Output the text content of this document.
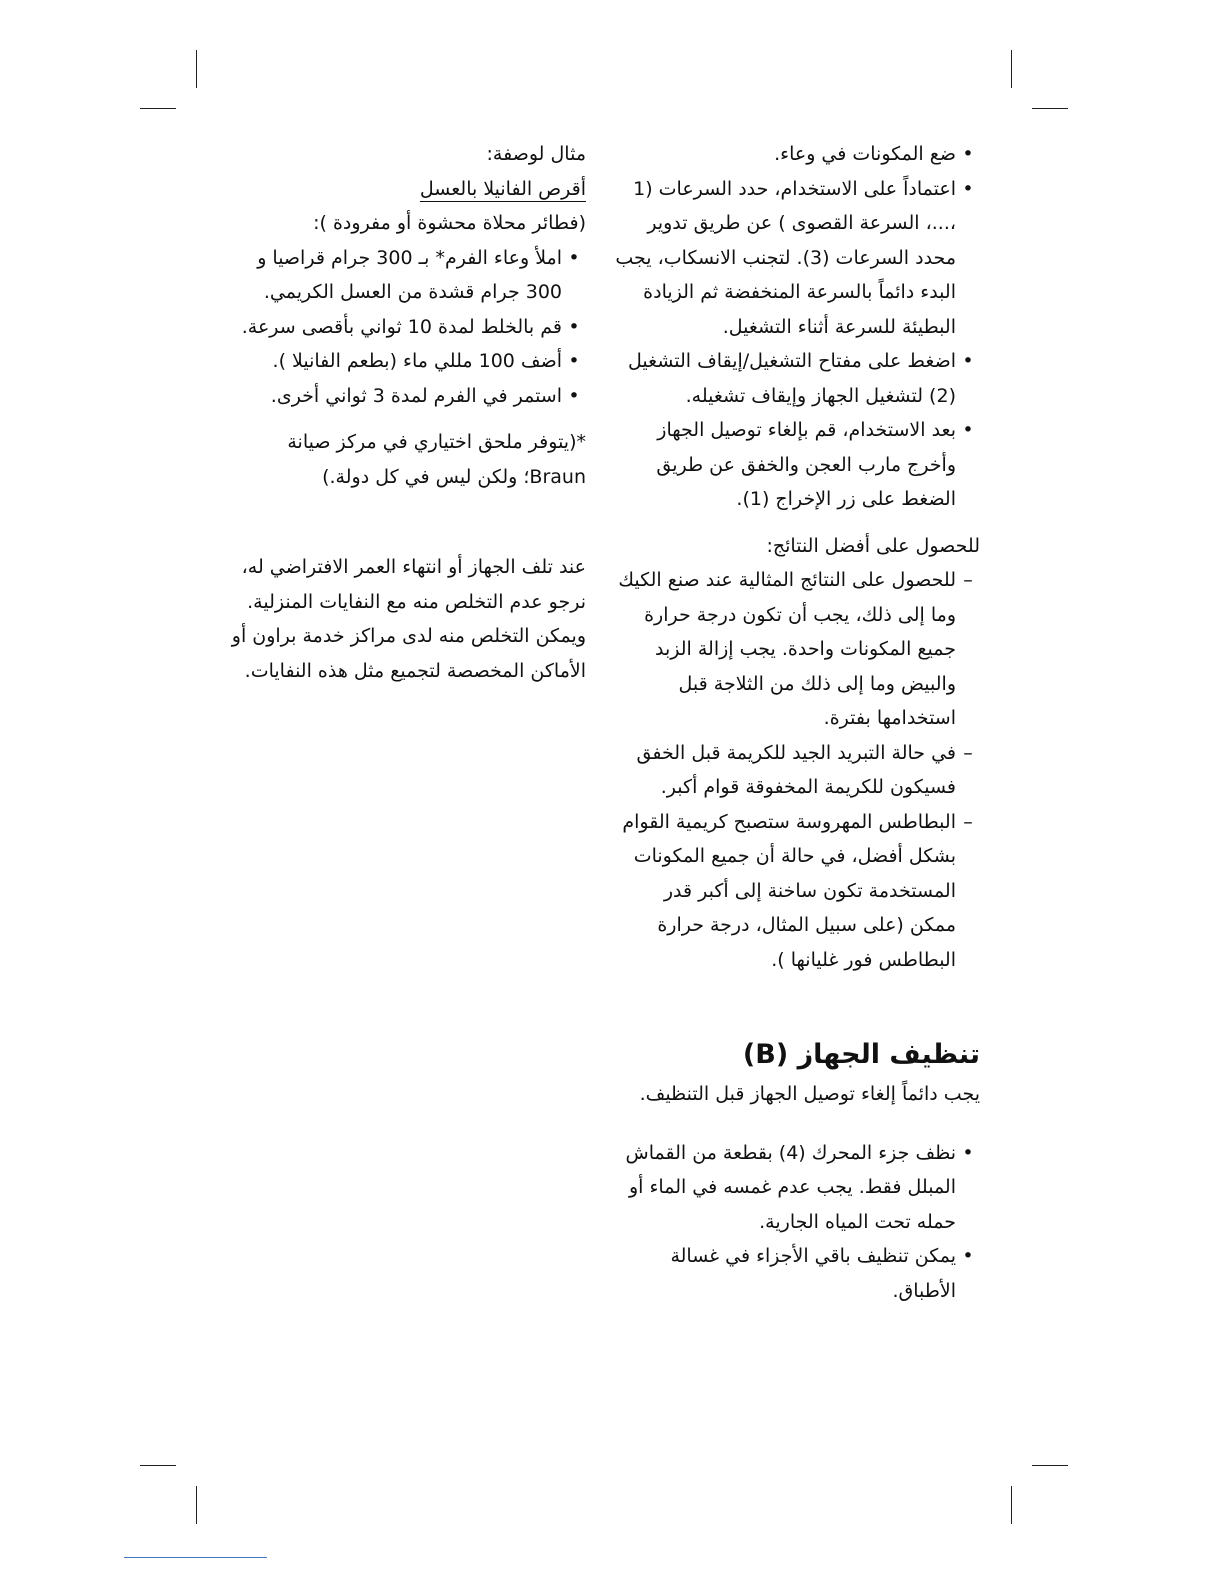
• ضع المكونات في وعاء.
• اعتماداً على الاستخدام، حدد السرعات (1 ،...، السرعة القصوى ) عن طريق تدوير محدد السرعات (3). لتجنب الانسكاب، يجب البدء دائماً بالسرعة المنخفضة ثم الزيادة البطيئة للسرعة أثناء التشغيل.
• اضغط على مفتاح التشغيل/إيقاف التشغيل (2) لتشغيل الجهاز وإيقاف تشغيله.
• بعد الاستخدام، قم بإلغاء توصيل الجهاز وأخرج مارب العجن والخفق عن طريق الضغط على زر الإخراج (1).

للحصول على أفضل النتائج:

– للحصول على النتائج المثالية عند صنع الكيك وما إلى ذلك، يجب أن تكون درجة حرارة جميع المكونات واحدة. يجب إزالة الزبد والبيض وما إلى ذلك من الثلاجة قبل استخدامها بفترة.
– في حالة التبريد الجيد للكريمة قبل الخفق فسيكون للكريمة المخفوقة قوام أكبر.
– البطاطس المهروسة ستصبح كريمية القوام بشكل أفضل، في حالة أن جميع المكونات المستخدمة تكون ساخنة إلى أكبر قدر ممكن (على سبيل المثال، درجة حرارة البطاطس فور غليانها ).
تنظيف الجهاز (B)

يجب دائماً إلغاء توصيل الجهاز قبل التنظيف.

• نظف جزء المحرك (4) بقطعة من القماش المبلل فقط. يجب عدم غمسه في الماء أو حمله تحت المياه الجارية.
• يمكن تنظيف باقي الأجزاء في غسالة الأطباق.

مثال لوصفة:

أقرص الفانيلا بالعسل

(فطائر محلاة محشوة أو مفرودة ):

• املأ وعاء الفرم* بـ 300 جرام قراصيا و 300 جرام قشدة من العسل الكريمي.
• قم بالخلط لمدة 10 ثواني بأقصى سرعة.
• أضف 100 مللي ماء (بطعم الفانيلا ).
• استمر في الفرم لمدة 3 ثواني أخرى.

*(يتوفر ملحق اختياري في مركز صيانة Braun؛ ولكن ليس في كل دولة.)

عند تلف الجهاز أو انتهاء العمر الافتراضي له، نرجو عدم التخلص منه مع النفايات المنزلية. ويمكن التخلص منه لدى مراكز خدمة براون أو الأماكن المخصصة لتجميع مثل هذه النفايات.
